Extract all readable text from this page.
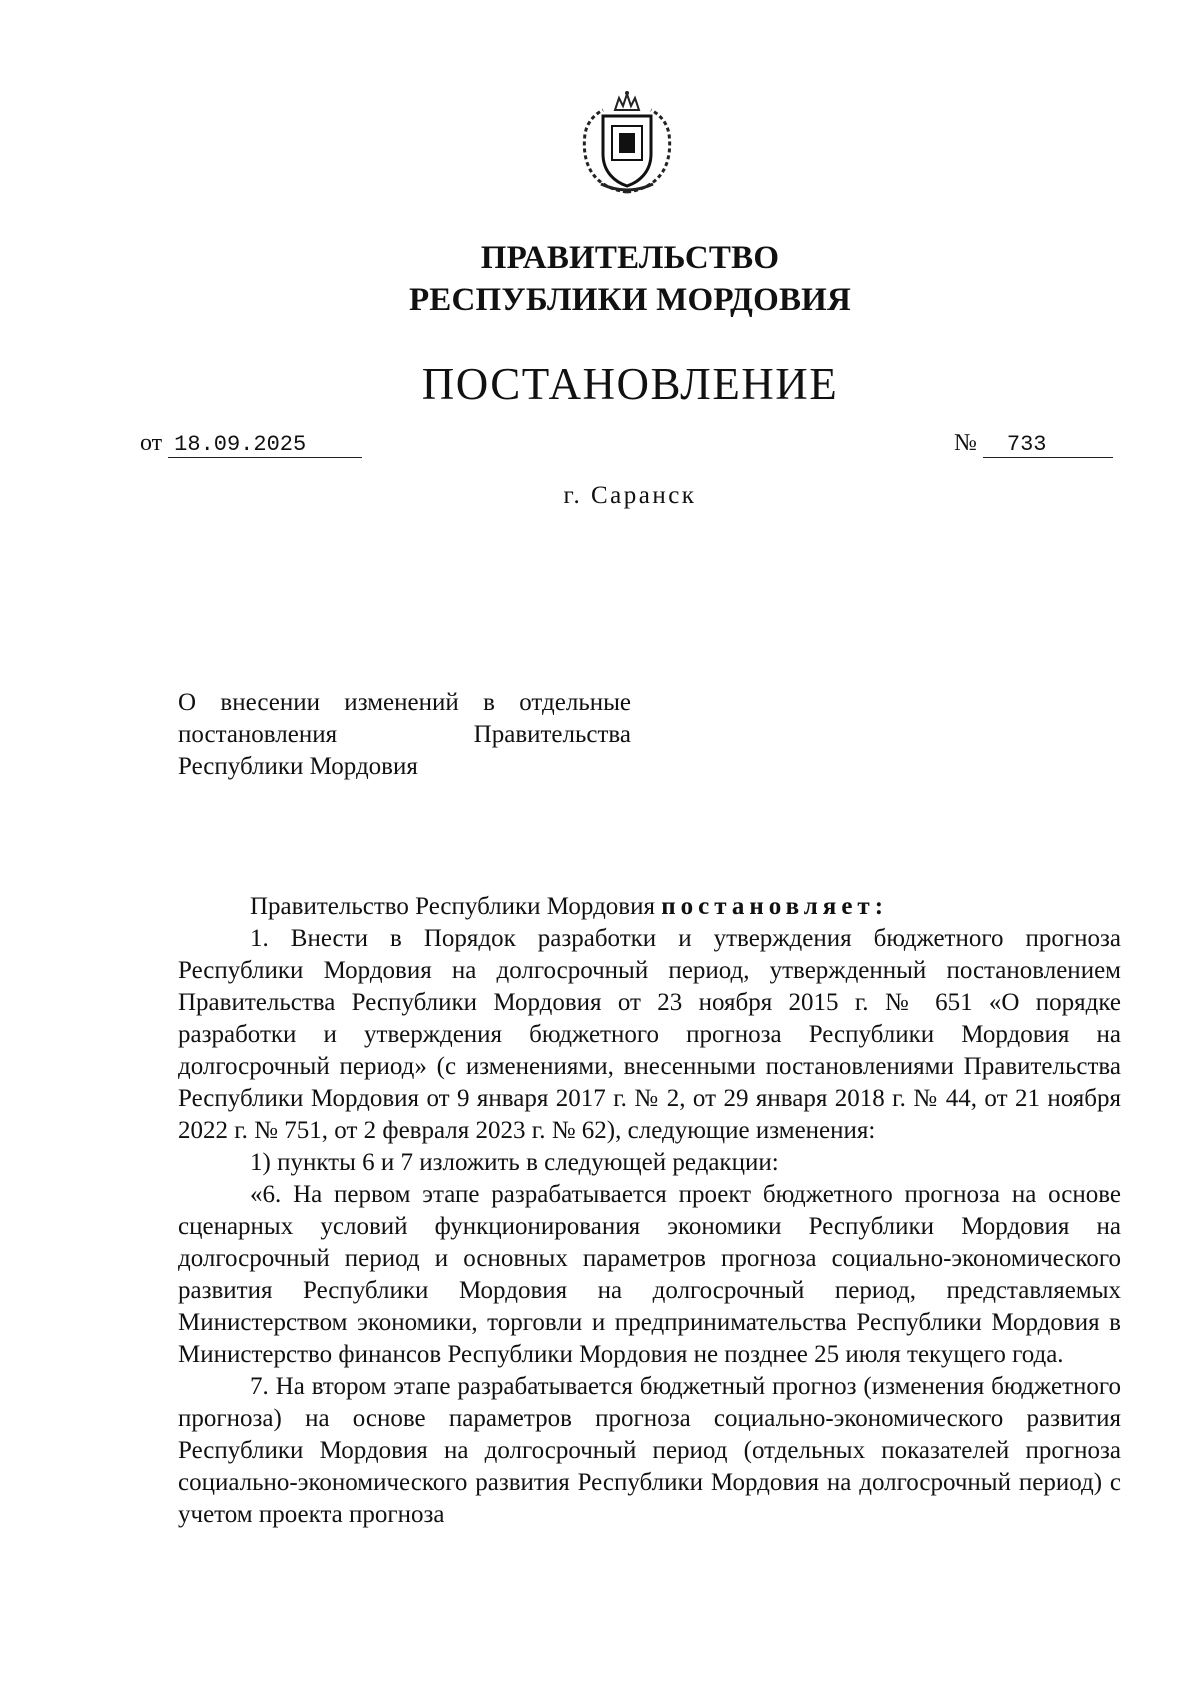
ПРАВИТЕЛЬСТВО
РЕСПУБЛИКИ МОРДОВИЯ
ПОСТАНОВЛЕНИЕ
от 18.09.2025	№ 733
г. Саранск
О внесении изменений в отдельные
постановления Правительства
Республики Мордовия

Правительство Республики Мордовия постановляет:

1. Внести в Порядок разработки и утверждения бюджетного прогноза Республики Мордовия на долгосрочный период, утвержденный постановлением Правительства Республики Мордовия от 23 ноября 2015 г. № 651 «О порядке разработки и утверждения бюджетного прогноза Республики Мордовия на долгосрочный период» (с изменениями, внесенными постановлениями Правительства Республики Мордовия от 9 января 2017 г. № 2, от 29 января 2018 г. № 44, от 21 ноября 2022 г. № 751, от 2 февраля 2023 г. № 62), следующие изменения:

1) пункты 6 и 7 изложить в следующей редакции:

«6. На первом этапе разрабатывается проект бюджетного прогноза на основе сценарных условий функционирования экономики Республики Мордовия на долгосрочный период и основных параметров прогноза социально-экономического развития Республики Мордовия на долгосрочный период, представляемых Министерством экономики, торговли и предпринимательства Республики Мордовия в Министерство финансов Республики Мордовия не позднее 25 июля текущего года.

7. На втором этапе разрабатывается бюджетный прогноз (изменения бюджетного прогноза) на основе параметров прогноза социально-экономического развития Республики Мордовия на долгосрочный период (отдельных показателей прогноза социально-экономического развития Республики Мордовия на долгосрочный период) с учетом проекта прогноза
